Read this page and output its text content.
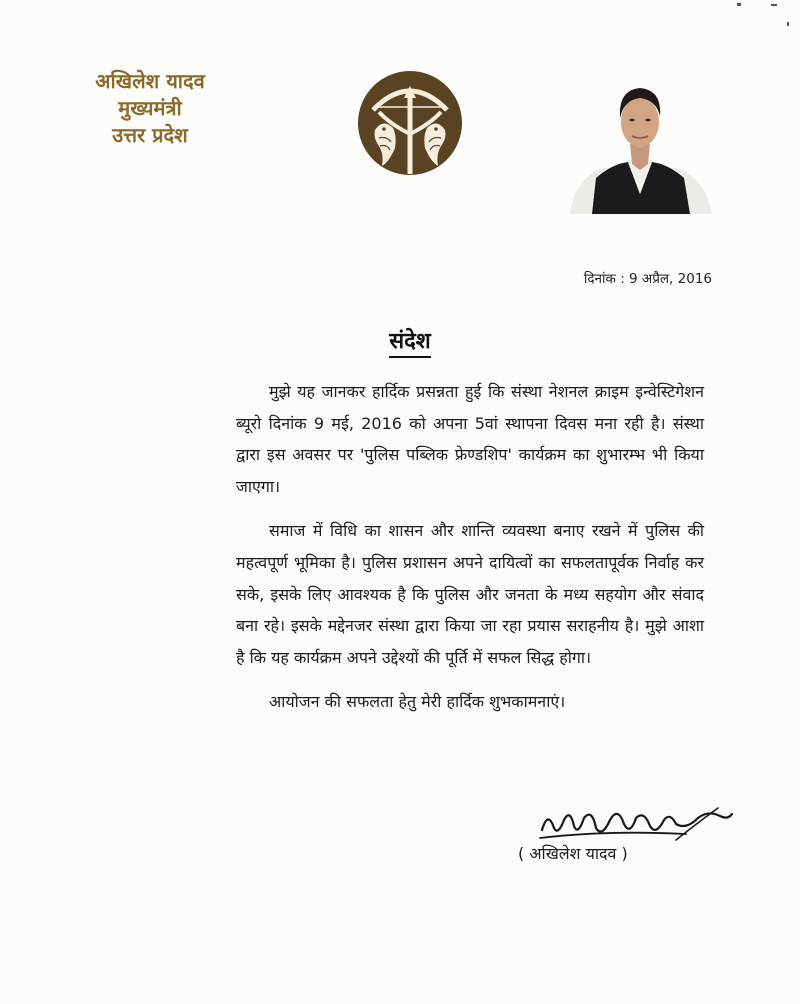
अखिलेश यादव
मुख्यमंत्री
उत्तर प्रदेश
दिनांक : 9 अप्रैल, 2016
संदेश

मुझे यह जानकर हार्दिक प्रसन्नता हुई कि संस्था नेशनल क्राइम इन्वेस्टिगेशन ब्यूरो दिनांक 9 मई, 2016 को अपना 5वां स्थापना दिवस मना रही है। संस्था द्वारा इस अवसर पर 'पुलिस पब्लिक फ्रेण्डशिप' कार्यक्रम का शुभारम्भ भी किया जाएगा।

समाज में विधि का शासन और शान्ति व्यवस्था बनाए रखने में पुलिस की महत्वपूर्ण भूमिका है। पुलिस प्रशासन अपने दायित्वों का सफलतापूर्वक निर्वाह कर सके, इसके लिए आवश्यक है कि पुलिस और जनता के मध्य सहयोग और संवाद बना रहे। इसके मद्देनजर संस्था द्वारा किया जा रहा प्रयास सराहनीय है। मुझे आशा है कि यह कार्यक्रम अपने उद्देश्यों की पूर्ति में सफल सिद्ध होगा।

आयोजन की सफलता हेतु मेरी हार्दिक शुभकामनाएं।

( अखिलेश यादव )
